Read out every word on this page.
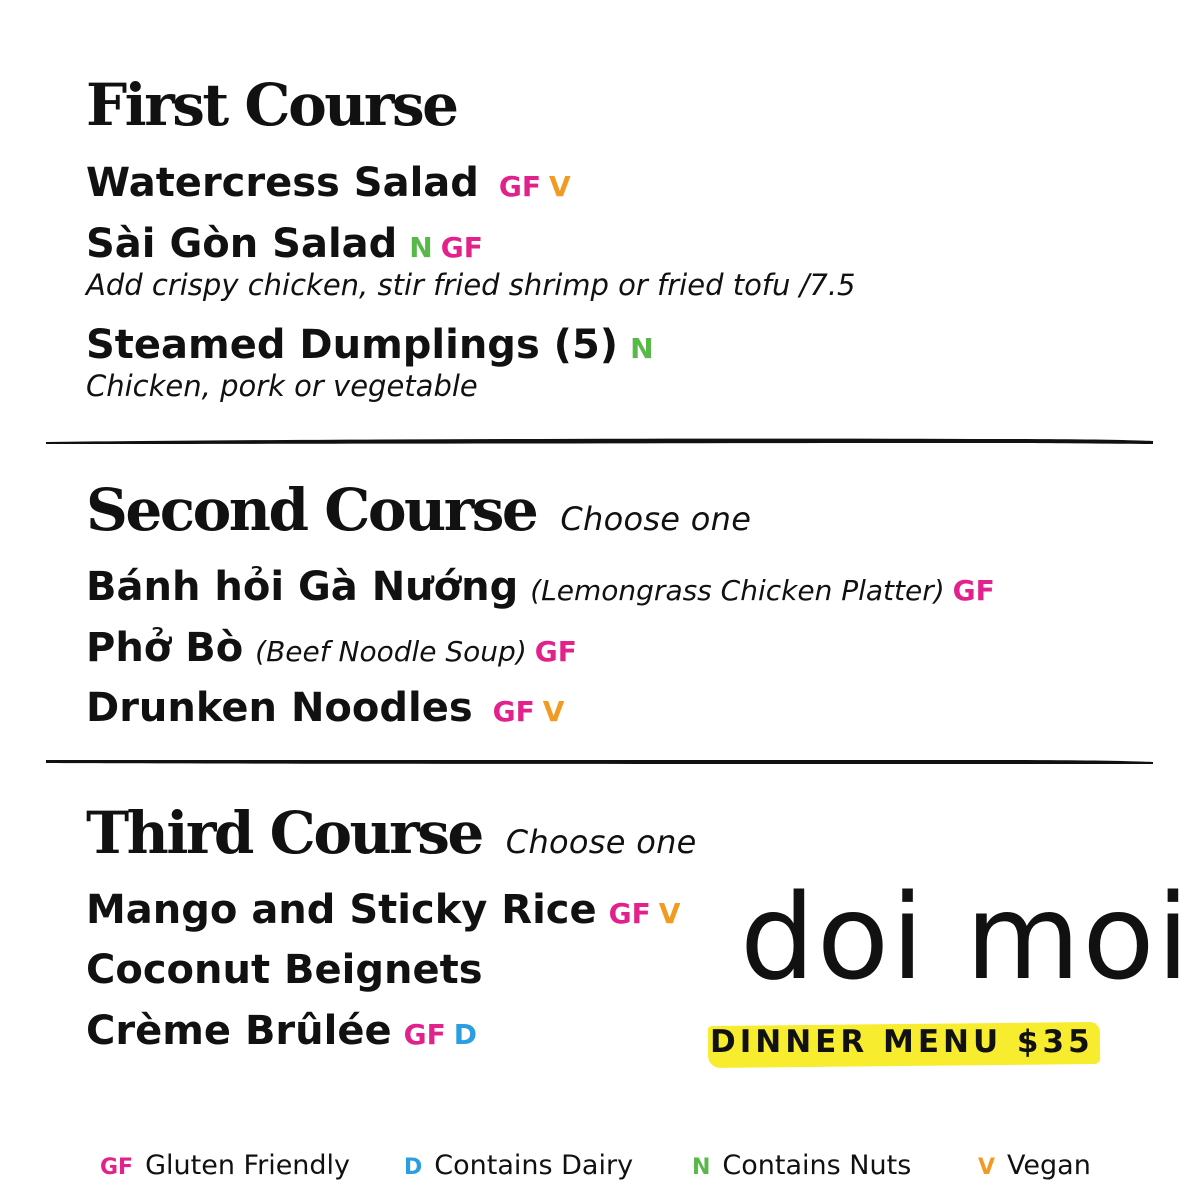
First Course
Watercress Salad GF V
Sài Gòn Salad N GF
Add crispy chicken, stir fried shrimp or fried tofu /7.5
Steamed Dumplings (5) N
Chicken, pork or vegetable
Second Course Choose one
Bánh hỏi Gà Nướng (Lemongrass Chicken Platter) GF
Phở Bò (Beef Noodle Soup) GF
Drunken Noodles GF V
Third Course Choose one
Mango and Sticky Rice GF V
Coconut Beignets
Crème Brûlée GF D
doi moi
DINNER MENU $35
GF Gluten Friendly D Contains Dairy	N Contains Nuts	V Vegan
